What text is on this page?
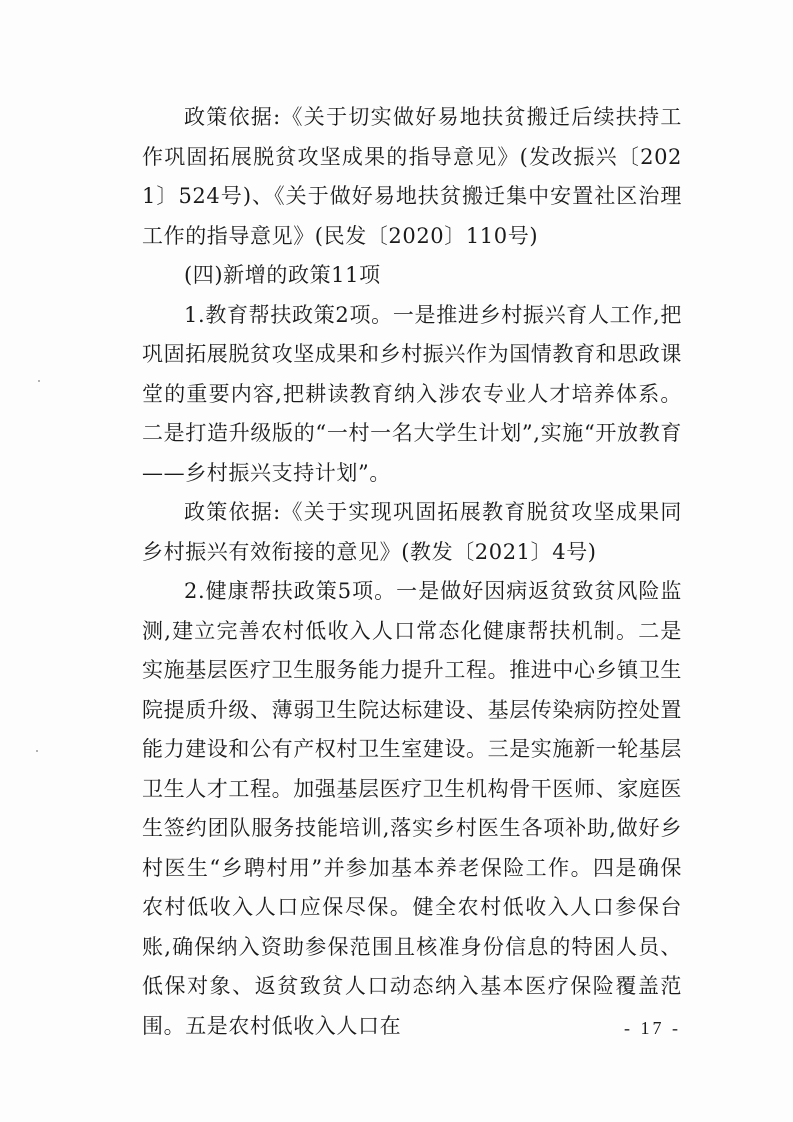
政策依据:《关于切实做好易地扶贫搬迁后续扶持工作巩固拓展脱贫攻坚成果的指导意见》(发改振兴〔2021〕524号)、《关于做好易地扶贫搬迁集中安置社区治理工作的指导意见》(民发〔2020〕110号)

(四)新增的政策11项

1.教育帮扶政策2项。一是推进乡村振兴育人工作,把巩固拓展脱贫攻坚成果和乡村振兴作为国情教育和思政课堂的重要内容,把耕读教育纳入涉农专业人才培养体系。二是打造升级版的“一村一名大学生计划”,实施“开放教育——乡村振兴支持计划”。

政策依据:《关于实现巩固拓展教育脱贫攻坚成果同乡村振兴有效衔接的意见》(教发〔2021〕4号)

2.健康帮扶政策5项。一是做好因病返贫致贫风险监测,建立完善农村低收入人口常态化健康帮扶机制。二是实施基层医疗卫生服务能力提升工程。推进中心乡镇卫生院提质升级、薄弱卫生院达标建设、基层传染病防控处置能力建设和公有产权村卫生室建设。三是实施新一轮基层卫生人才工程。加强基层医疗卫生机构骨干医师、家庭医生签约团队服务技能培训,落实乡村医生各项补助,做好乡村医生“乡聘村用”并参加基本养老保险工作。四是确保农村低收入人口应保尽保。健全农村低收入人口参保台账,确保纳入资助参保范围且核准身份信息的特困人员、低保对象、返贫致贫人口动态纳入基本医疗保险覆盖范围。五是农村低收入人口在	- 17 -
